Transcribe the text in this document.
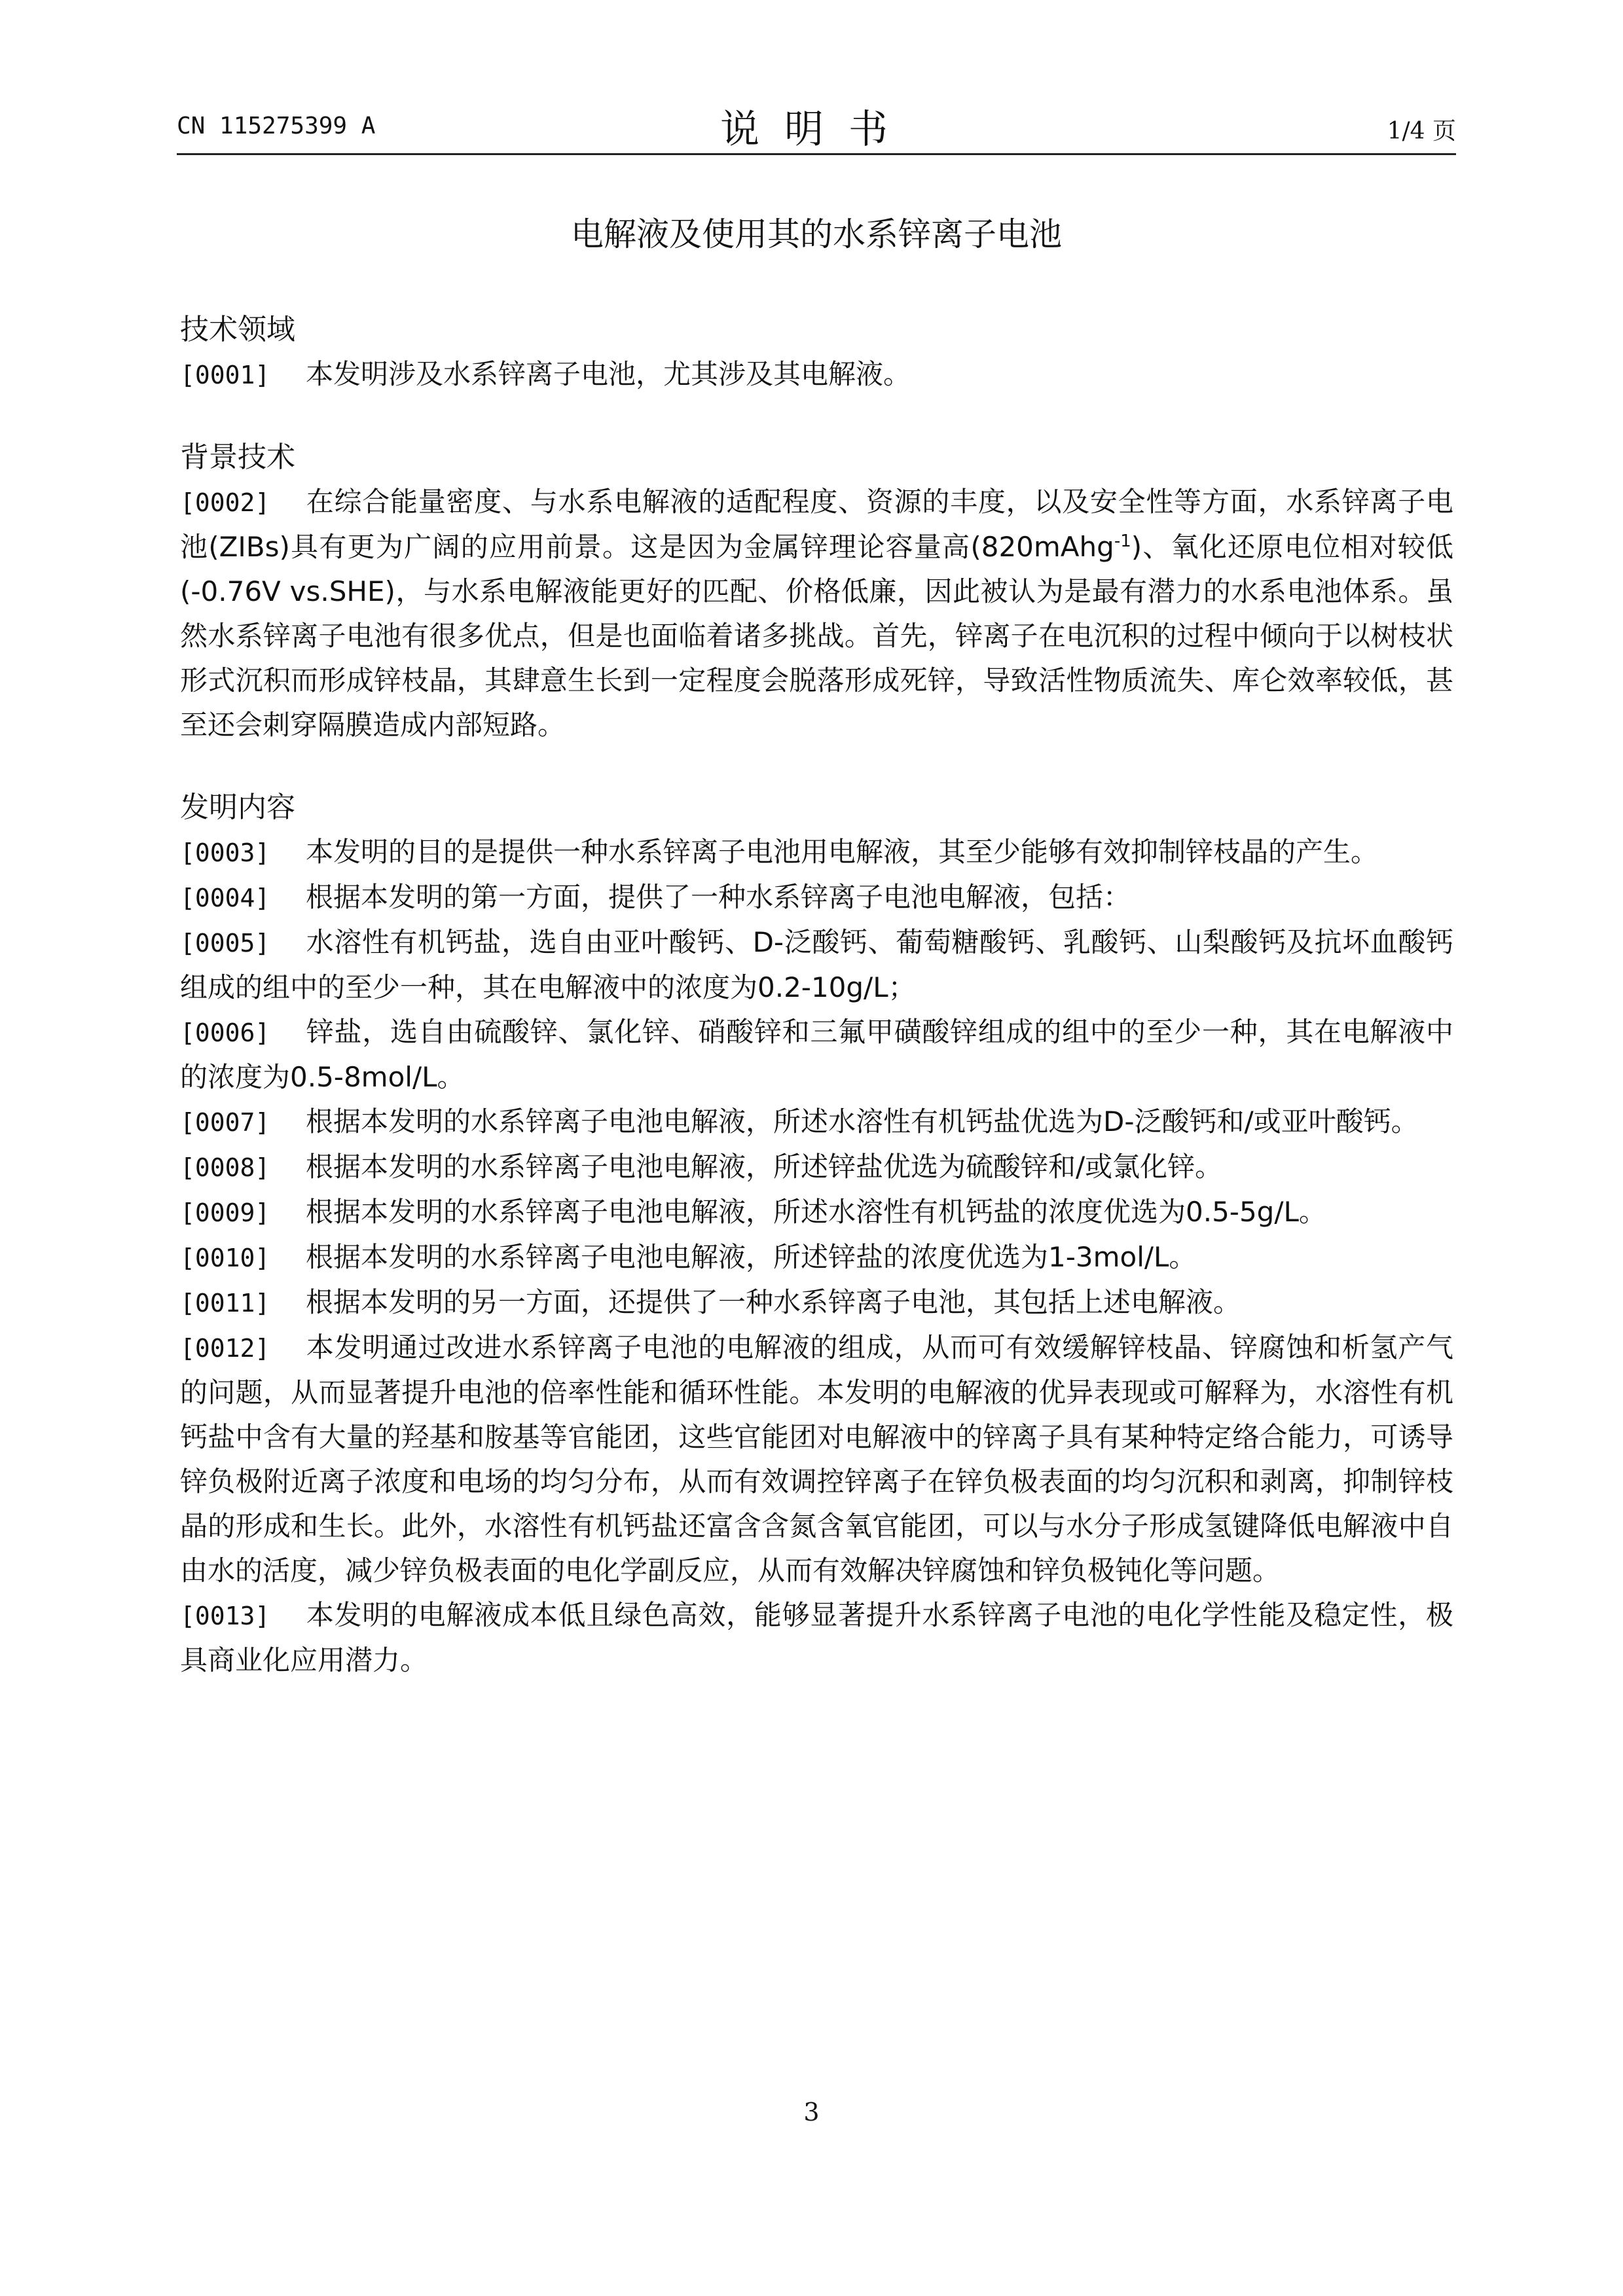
CN 115275399 A	说明书	1/4 页
电解液及使用其的水系锌离子电池
技术领域

[0001] 本发明涉及水系锌离子电池，尤其涉及其电解液。

背景技术

[0002] 在综合能量密度、与水系电解液的适配程度、资源的丰度，以及安全性等方面，水系锌离子电池(ZIBs)具有更为广阔的应用前景。这是因为金属锌理论容量高(820mAhg$^{-1}$)、氧化还原电位相对较低(-0.76V vs.SHE)，与水系电解液能更好的匹配、价格低廉，因此被认为是最有潜力的水系电池体系。虽然水系锌离子电池有很多优点，但是也面临着诸多挑战。首先，锌离子在电沉积的过程中倾向于以树枝状形式沉积而形成锌枝晶，其肆意生长到一定程度会脱落形成死锌，导致活性物质流失、库仑效率较低，甚至还会刺穿隔膜造成内部短路。

发明内容

[0003] 本发明的目的是提供一种水系锌离子电池用电解液，其至少能够有效抑制锌枝晶的产生。

[0004] 根据本发明的第一方面，提供了一种水系锌离子电池电解液，包括：

[0005] 水溶性有机钙盐，选自由亚叶酸钙、D-泛酸钙、葡萄糖酸钙、乳酸钙、山梨酸钙及抗坏血酸钙组成的组中的至少一种，其在电解液中的浓度为0.2-10g/L；

[0006] 锌盐，选自由硫酸锌、氯化锌、硝酸锌和三氟甲磺酸锌组成的组中的至少一种，其在电解液中的浓度为0.5-8mol/L。

[0007] 根据本发明的水系锌离子电池电解液，所述水溶性有机钙盐优选为D-泛酸钙和/或亚叶酸钙。

[0008] 根据本发明的水系锌离子电池电解液，所述锌盐优选为硫酸锌和/或氯化锌。

[0009] 根据本发明的水系锌离子电池电解液，所述水溶性有机钙盐的浓度优选为0.5-5g/L。

[0010] 根据本发明的水系锌离子电池电解液，所述锌盐的浓度优选为1-3mol/L。

[0011] 根据本发明的另一方面，还提供了一种水系锌离子电池，其包括上述电解液。

[0012] 本发明通过改进水系锌离子电池的电解液的组成，从而可有效缓解锌枝晶、锌腐蚀和析氢产气的问题，从而显著提升电池的倍率性能和循环性能。本发明的电解液的优异表现或可解释为，水溶性有机钙盐中含有大量的羟基和胺基等官能团，这些官能团对电解液中的锌离子具有某种特定络合能力，可诱导锌负极附近离子浓度和电场的均匀分布，从而有效调控锌离子在锌负极表面的均匀沉积和剥离，抑制锌枝晶的形成和生长。此外，水溶性有机钙盐还富含含氮含氧官能团，可以与水分子形成氢键降低电解液中自由水的活度，减少锌负极表面的电化学副反应，从而有效解决锌腐蚀和锌负极钝化等问题。

[0013] 本发明的电解液成本低且绿色高效，能够显著提升水系锌离子电池的电化学性能及稳定性，极具商业化应用潜力。

3
